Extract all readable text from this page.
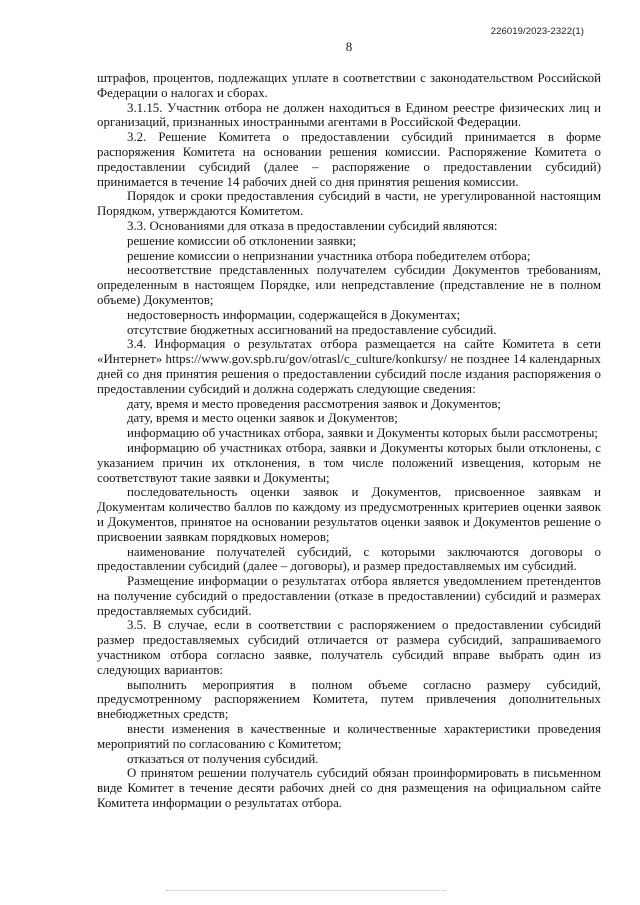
226019/2023-2322(1)
8

штрафов, процентов, подлежащих уплате в соответствии с законодательством Российской Федерации о налогах и сборах.

3.1.15. Участник отбора не должен находиться в Едином реестре физических лиц и организаций, признанных иностранными агентами в Российской Федерации.

3.2. Решение Комитета о предоставлении субсидий принимается в форме распоряжения Комитета на основании решения комиссии. Распоряжение Комитета о предоставлении субсидий (далее – распоряжение о предоставлении субсидий) принимается в течение 14 рабочих дней со дня принятия решения комиссии.

Порядок и сроки предоставления субсидий в части, не урегулированной настоящим Порядком, утверждаются Комитетом.

3.3. Основаниями для отказа в предоставлении субсидий являются:

решение комиссии об отклонении заявки;

решение комиссии о непризнании участника отбора победителем отбора;

несоответствие представленных получателем субсидии Документов требованиям, определенным в настоящем Порядке, или непредставление (представление не в полном объеме) Документов;

недостоверность информации, содержащейся в Документах;

отсутствие бюджетных ассигнований на предоставление субсидий.

3.4. Информация о результатах отбора размещается на сайте Комитета в сети «Интернет» https://www.gov.spb.ru/gov/otrasl/c_culture/konkursy/ не позднее 14 календарных дней со дня принятия решения о предоставлении субсидий после издания распоряжения о предоставлении субсидий и должна содержать следующие сведения:

дату, время и место проведения рассмотрения заявок и Документов;

дату, время и место оценки заявок и Документов;

информацию об участниках отбора, заявки и Документы которых были рассмотрены;

информацию об участниках отбора, заявки и Документы которых были отклонены, с указанием причин их отклонения, в том числе положений извещения, которым не соответствуют такие заявки и Документы;

последовательность оценки заявок и Документов, присвоенное заявкам и Документам количество баллов по каждому из предусмотренных критериев оценки заявок и Документов, принятое на основании результатов оценки заявок и Документов решение о присвоении заявкам порядковых номеров;

наименование получателей субсидий, с которыми заключаются договоры о предоставлении субсидий (далее – договоры), и размер предоставляемых им субсидий.

Размещение информации о результатах отбора является уведомлением претендентов на получение субсидий о предоставлении (отказе в предоставлении) субсидий и размерах предоставляемых субсидий.

3.5. В случае, если в соответствии с распоряжением о предоставлении субсидий размер предоставляемых субсидий отличается от размера субсидий, запрашиваемого участником отбора согласно заявке, получатель субсидий вправе выбрать один из следующих вариантов:

выполнить мероприятия в полном объеме согласно размеру субсидий, предусмотренному распоряжением Комитета, путем привлечения дополнительных внебюджетных средств;

внести изменения в качественные и количественные характеристики проведения мероприятий по согласованию с Комитетом;

отказаться от получения субсидий.

О принятом решении получатель субсидий обязан проинформировать в письменном виде Комитет в течение десяти рабочих дней со дня размещения на официальном сайте Комитета информации о результатах отбора.
